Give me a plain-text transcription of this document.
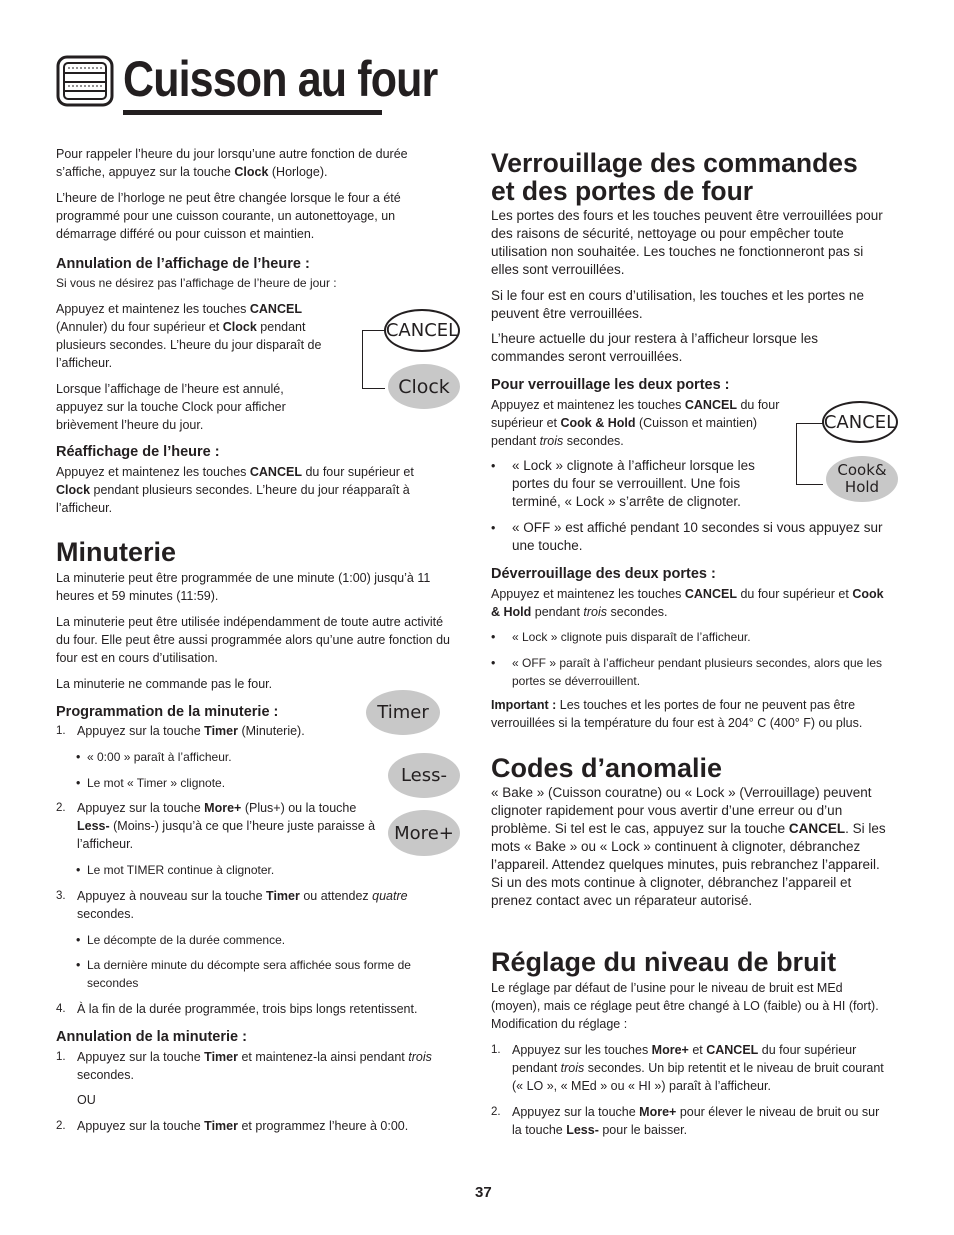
Cuisson au four

Pour rappeler l’heure du jour lorsqu’une autre fonction de durée s’affiche, appuyez sur la touche Clock (Horloge).

L’heure de l’horloge ne peut être changée lorsque le four a été programmé pour une cuisson courante, un autonettoyage, un démarrage différé ou pour cuisson et maintien.

Annulation de l’affichage de l’heure :

Si vous ne désirez pas l’affichage de l’heure de jour :

Appuyez et maintenez les touches CANCEL (Annuler) du four supérieur et Clock pendant plusieurs secondes. L’heure du jour disparaît de l’afficheur.

Lorsque l’affichage de l’heure est annulé, appuyez sur la touche Clock pour afficher brièvement l’heure du jour.

CANCEL
Clock
Réaffichage de l’heure :

Appuyez et maintenez les touches CANCEL du four supérieur et Clock pendant plusieurs secondes. L’heure du jour réapparaît à l’afficheur.

Minuterie

La minuterie peut être programmée de une minute (1:00) jusqu’à 11 heures et 59 minutes (11:59).

La minuterie peut être utilisée indépendamment de toute autre activité du four. Elle peut être aussi programmée alors qu’une autre fonction du four est en cours d’utilisation.

La minuterie ne commande pas le four.

Programmation de la minuterie :	Timer
Less-
More+
1. Appuyez sur la touche Timer (Minuterie).

• « 0:00 » paraît à l’afficheur.

• Le mot « Timer » clignote.

2. Appuyez sur la touche More+ (Plus+) ou la touche Less- (Moins-) jusqu’à ce que l’heure juste paraisse à l’afficheur.

• Le mot TIMER continue à clignoter.

3. Appuyez à nouveau sur la touche Timer ou attendez quatre secondes.

• Le décompte de la durée commence.

• La dernière minute du décompte sera affichée sous forme de secondes

4. À la fin de la durée programmée, trois bips longs retentissent.

Annulation de la minuterie :
1. Appuyez sur la touche Timer et maintenez-la ainsi pendant trois secondes.

OU

2. Appuyez sur la touche Timer et programmez l’heure à 0:00.

Verrouillage des commandes
et des portes de four

Les portes des fours et les touches peuvent être verrouillées pour des raisons de sécurité, nettoyage ou pour empêcher toute utilisation non souhaitée. Les touches ne fonctionneront pas si elles sont verrouillées.

Si le four est en cours d’utilisation, les touches et les portes ne peuvent être verrouillées.

L’heure actuelle du jour restera à l’afficheur lorsque les commandes seront verrouillées.

Pour verrouillage les deux portes :

Appuyez et maintenez les touches CANCEL du four supérieur et Cook & Hold (Cuisson et maintien) pendant trois secondes.

CANCEL
Cook&
Hold
• « Lock » clignote à l’afficheur lorsque les portes du four se verrouillent. Une fois terminé, « Lock » s’arrête de clignoter.

• « OFF » est affiché pendant 10 secondes si vous appuyez sur une touche.

Déverrouillage des deux portes :

Appuyez et maintenez les touches CANCEL du four supérieur et Cook & Hold pendant trois secondes.

• « Lock » clignote puis disparaît de l’afficheur.

• « OFF » paraît à l’afficheur pendant plusieurs secondes, alors que les portes se déverrouillent.

Important : Les touches et les portes de four ne peuvent pas être verrouillées si la température du four est à 204° C (400° F) ou plus.

Codes d’anomalie

« Bake » (Cuisson couratne) ou « Lock » (Verrouillage) peuvent clignoter rapidement pour vous avertir d’une erreur ou d’un problème. Si tel est le cas, appuyez sur la touche CANCEL. Si les mots « Bake » ou « Lock » continuent à clignoter, débranchez l’appareil. Attendez quelques minutes, puis rebranchez l’appareil. Si un des mots continue à clignoter, débranchez l’appareil et prenez contact avec un réparateur autorisé.

Réglage du niveau de bruit

Le réglage par défaut de l’usine pour le niveau de bruit est MEd (moyen), mais ce réglage peut être changé à LO (faible) ou à HI (fort). Modification du réglage :

1. Appuyez sur les touches More+ et CANCEL du four supérieur pendant trois secondes. Un bip retentit et le niveau de bruit courant (« LO », « MEd » ou « HI ») paraît à l’afficheur.

2. Appuyez sur la touche More+ pour élever le niveau de bruit ou sur la touche Less- pour le baisser.

37
